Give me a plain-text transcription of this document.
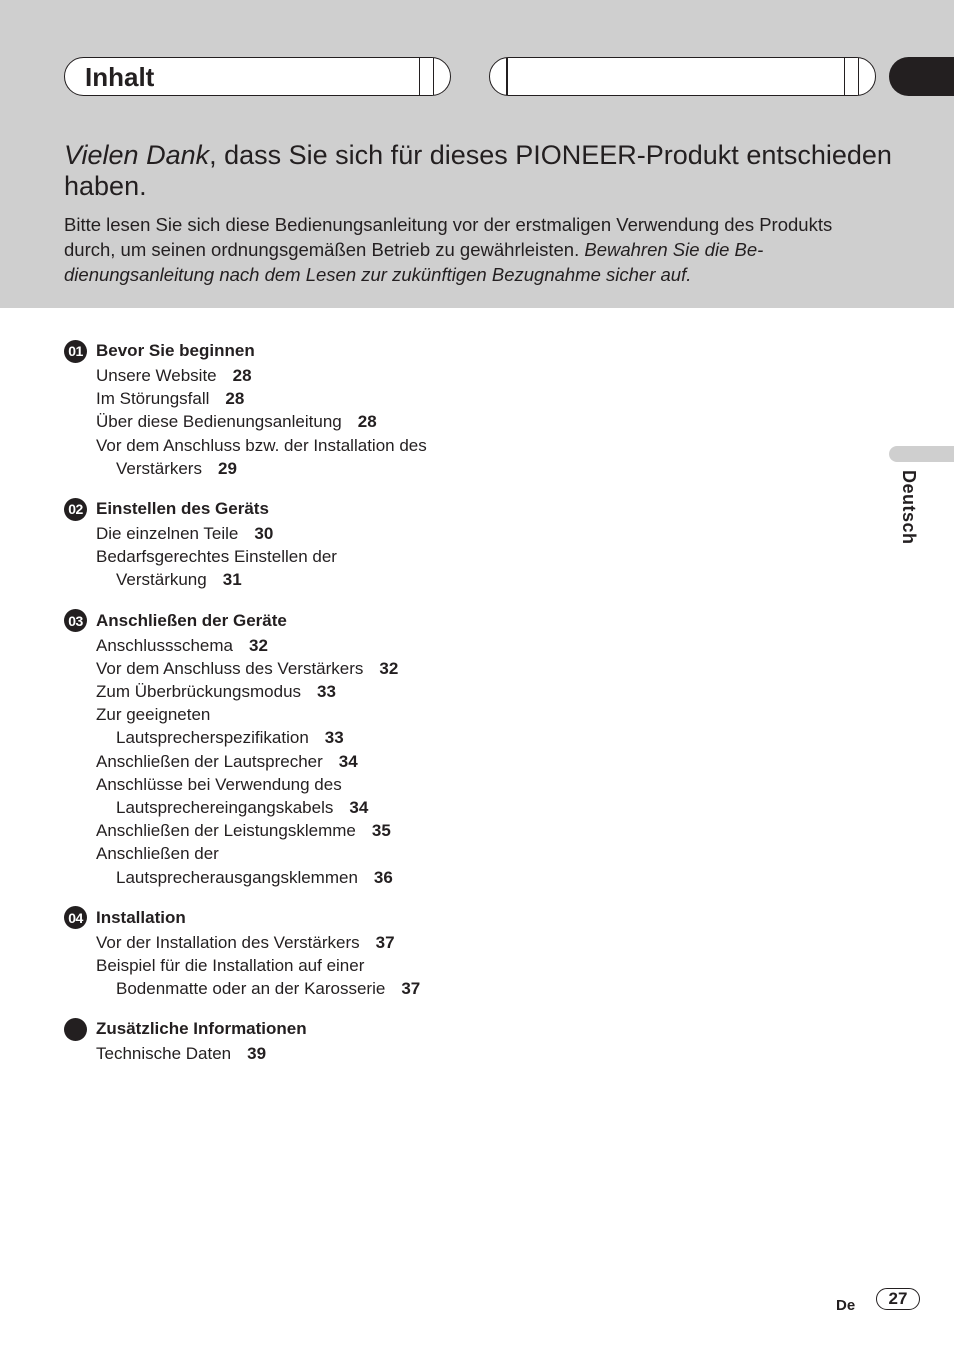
Inhalt
Vielen Dank, dass Sie sich für dieses PIONEER-Produkt entschieden haben.

Bitte lesen Sie sich diese Bedienungsanleitung vor der erstmaligen Verwendung des Produkts durch, um seinen ordnungsgemäßen Betrieb zu gewährleisten. Bewahren Sie die Bedienungsanleitung nach dem Lesen zur zukünftigen Bezugnahme sicher auf.

01 Bevor Sie beginnen
Unsere Website 28
Im Störungsfall 28
Über diese Bedienungsanleitung 28
Vor dem Anschluss bzw. der Installation des
Verstärkers 29
02 Einstellen des Geräts
Die einzelnen Teile 30
Bedarfsgerechtes Einstellen der
Verstärkung 31
03 Anschließen der Geräte
Anschlussschema 32
Vor dem Anschluss des Verstärkers 32
Zum Überbrückungsmodus 33
Zur geeigneten
Lautsprecherspezifikation 33
Anschließen der Lautsprecher 34
Anschlüsse bei Verwendung des
Lautsprechereingangskabels 34
Anschließen der Leistungsklemme 35
Anschließen der
Lautsprecherausgangsklemmen 36
04 Installation
Vor der Installation des Verstärkers 37
Beispiel für die Installation auf einer
Bodenmatte oder an der Karosserie 37
Zusätzliche Informationen
Technische Daten 39
Deutsch
De	27
